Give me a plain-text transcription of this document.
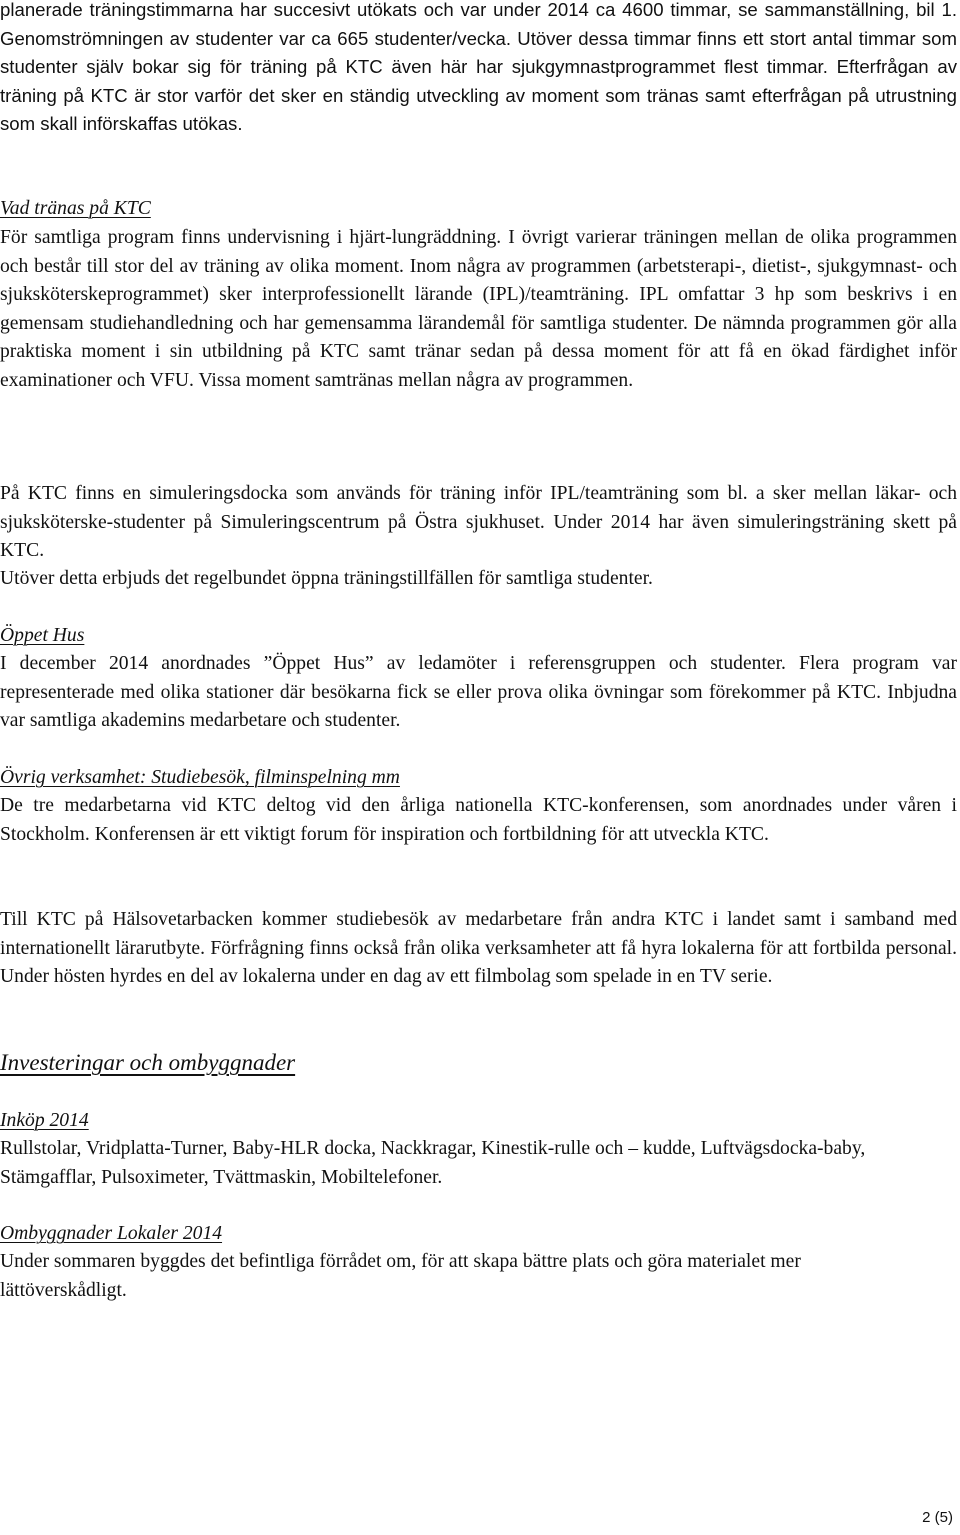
planerade träningstimmarna har succesivt utökats och var under 2014 ca 4600 timmar, se sammanställning, bil 1. Genomströmningen av studenter var ca 665 studenter/vecka. Utöver dessa timmar finns ett stort antal timmar som studenter själv bokar sig för träning på KTC även här har sjukgymnastprogrammet flest timmar. Efterfrågan av träning på KTC är stor varför det sker en ständig utveckling av moment som tränas samt efterfrågan på utrustning som skall införskaffas utökas.

Vad tränas på KTC

För samtliga program finns undervisning i hjärt-lungräddning. I övrigt varierar träningen mellan de olika programmen och består till stor del av träning av olika moment. Inom några av programmen (arbetsterapi-, dietist-, sjukgymnast- och sjuksköterskeprogrammet) sker interprofessionellt lärande (IPL)/teamträning. IPL omfattar 3 hp som beskrivs i en gemensam studiehandledning och har gemensamma lärandemål för samtliga studenter. De nämnda programmen gör alla praktiska moment i sin utbildning på KTC samt tränar sedan på dessa moment för att få en ökad färdighet inför examinationer och VFU. Vissa moment samtränas mellan några av programmen.

På KTC finns en simuleringsdocka som används för träning inför IPL/teamträning som bl. a sker mellan läkar- och sjuksköterske-studenter på Simuleringscentrum på Östra sjukhuset. Under 2014 har även simuleringsträning skett på KTC.

Utöver detta erbjuds det regelbundet öppna träningstillfällen för samtliga studenter.

Öppet Hus

I december 2014 anordnades ”Öppet Hus” av ledamöter i referensgruppen och studenter. Flera program var representerade med olika stationer där besökarna fick se eller prova olika övningar som förekommer på KTC. Inbjudna var samtliga akademins medarbetare och studenter.

Övrig verksamhet: Studiebesök, filminspelning mm

De tre medarbetarna vid KTC deltog vid den årliga nationella KTC-konferensen, som anordnades under våren i Stockholm. Konferensen är ett viktigt forum för inspiration och fortbildning för att utveckla KTC.

Till KTC på Hälsovetarbacken kommer studiebesök av medarbetare från andra KTC i landet samt i samband med internationellt lärarutbyte. Förfrågning finns också från olika verksamheter att få hyra lokalerna för att fortbilda personal. Under hösten hyrdes en del av lokalerna under en dag av ett filmbolag som spelade in en TV serie.

Investeringar och ombyggnader
Inköp 2014

Rullstolar, Vridplatta-Turner, Baby-HLR docka, Nackkragar, Kinestik-rulle och – kudde, Luftvägsdocka-baby, Stämgafflar, Pulsoximeter, Tvättmaskin, Mobiltelefoner.

Ombyggnader Lokaler 2014

Under sommaren byggdes det befintliga förrådet om, för att skapa bättre plats och göra materialet mer lättöverskådligt.

2 (5)
